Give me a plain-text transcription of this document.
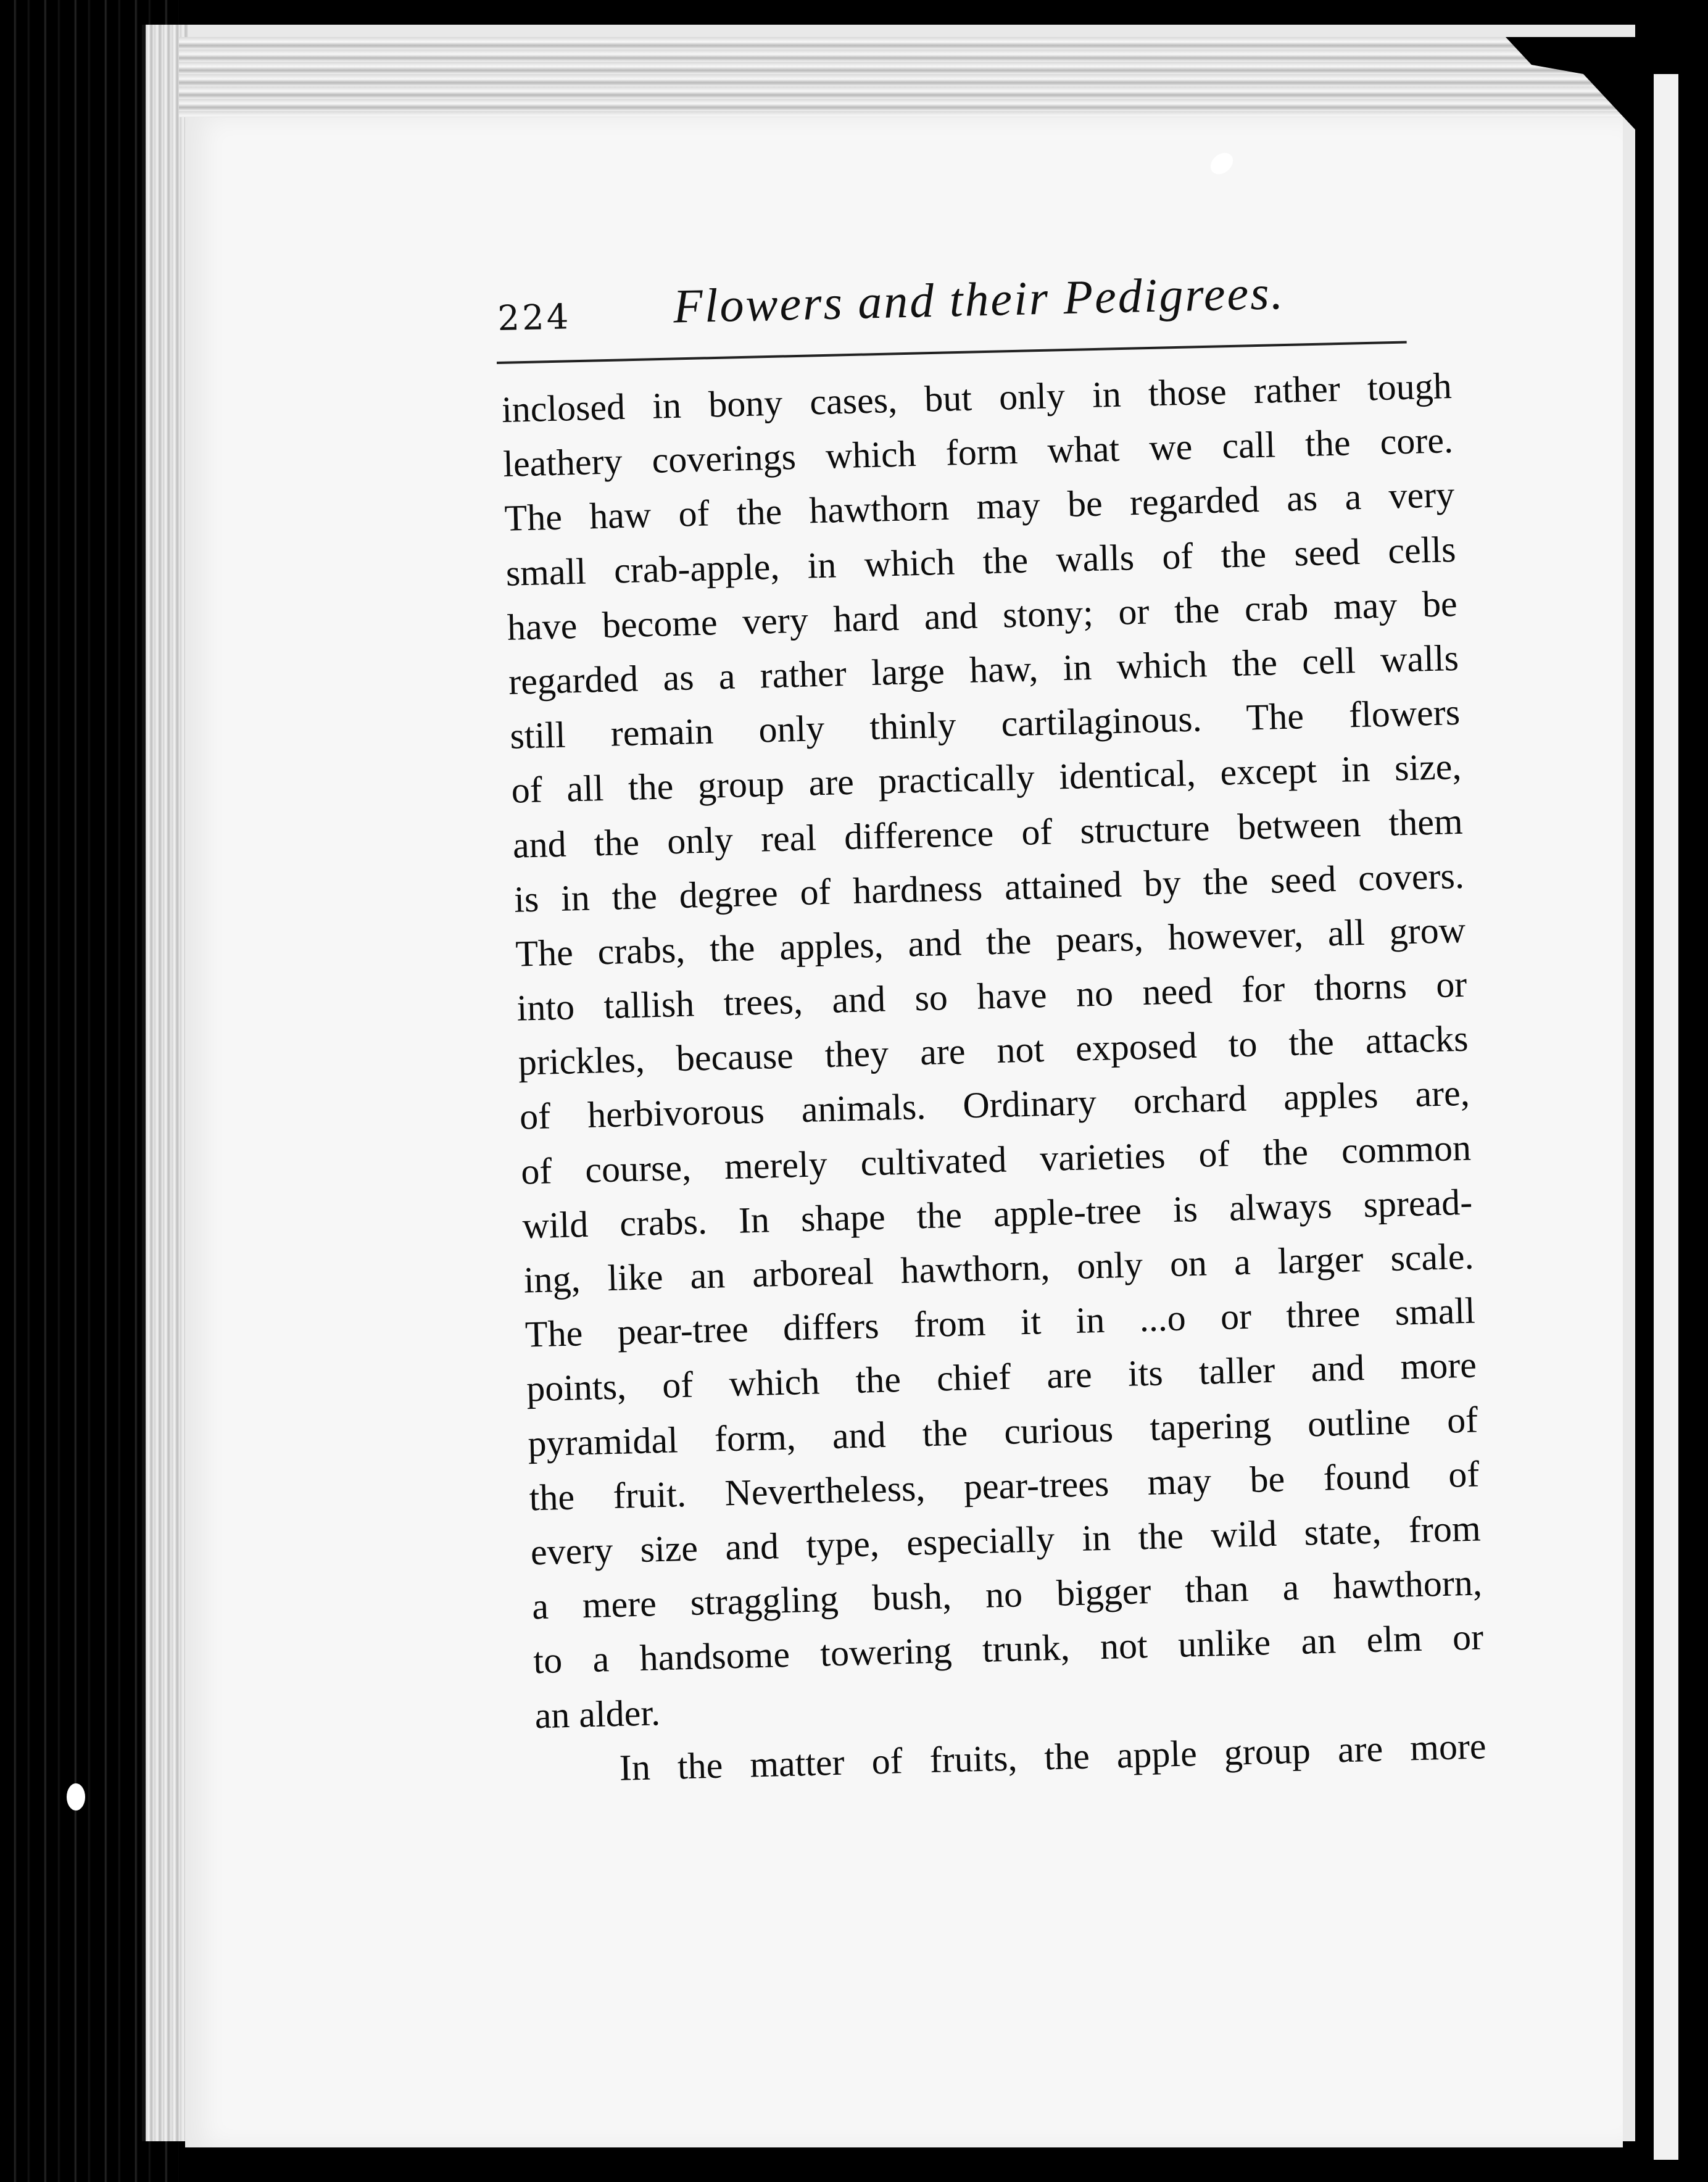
224 Flowers and their Pedigrees.
inclosed in bony cases, but only in those rather tough
leathery coverings which form what we call the core.
The haw of the hawthorn may be regarded as a very
small crab-apple, in which the walls of the seed cells
have become very hard and stony; or the crab may be
regarded as a rather large haw, in which the cell walls
still remain only thinly cartilaginous. The flowers
of all the group are practically identical, except in size,
and the only real difference of structure between them
is in the degree of hardness attained by the seed covers.
The crabs, the apples, and the pears, however, all grow
into tallish trees, and so have no need for thorns or
prickles, because they are not exposed to the attacks
of herbivorous animals. Ordinary orchard apples are,
of course, merely cultivated varieties of the common
wild crabs. In shape the apple-tree is always spread-
ing, like an arboreal hawthorn, only on a larger scale.
The pear-tree differs from it in ...o or three small
points, of which the chief are its taller and more
pyramidal form, and the curious tapering outline of
the fruit. Nevertheless, pear-trees may be found of
every size and type, especially in the wild state, from
a mere straggling bush, no bigger than a hawthorn,
to a handsome towering trunk, not unlike an elm or
an alder.
In the matter of fruits, the apple group are more
